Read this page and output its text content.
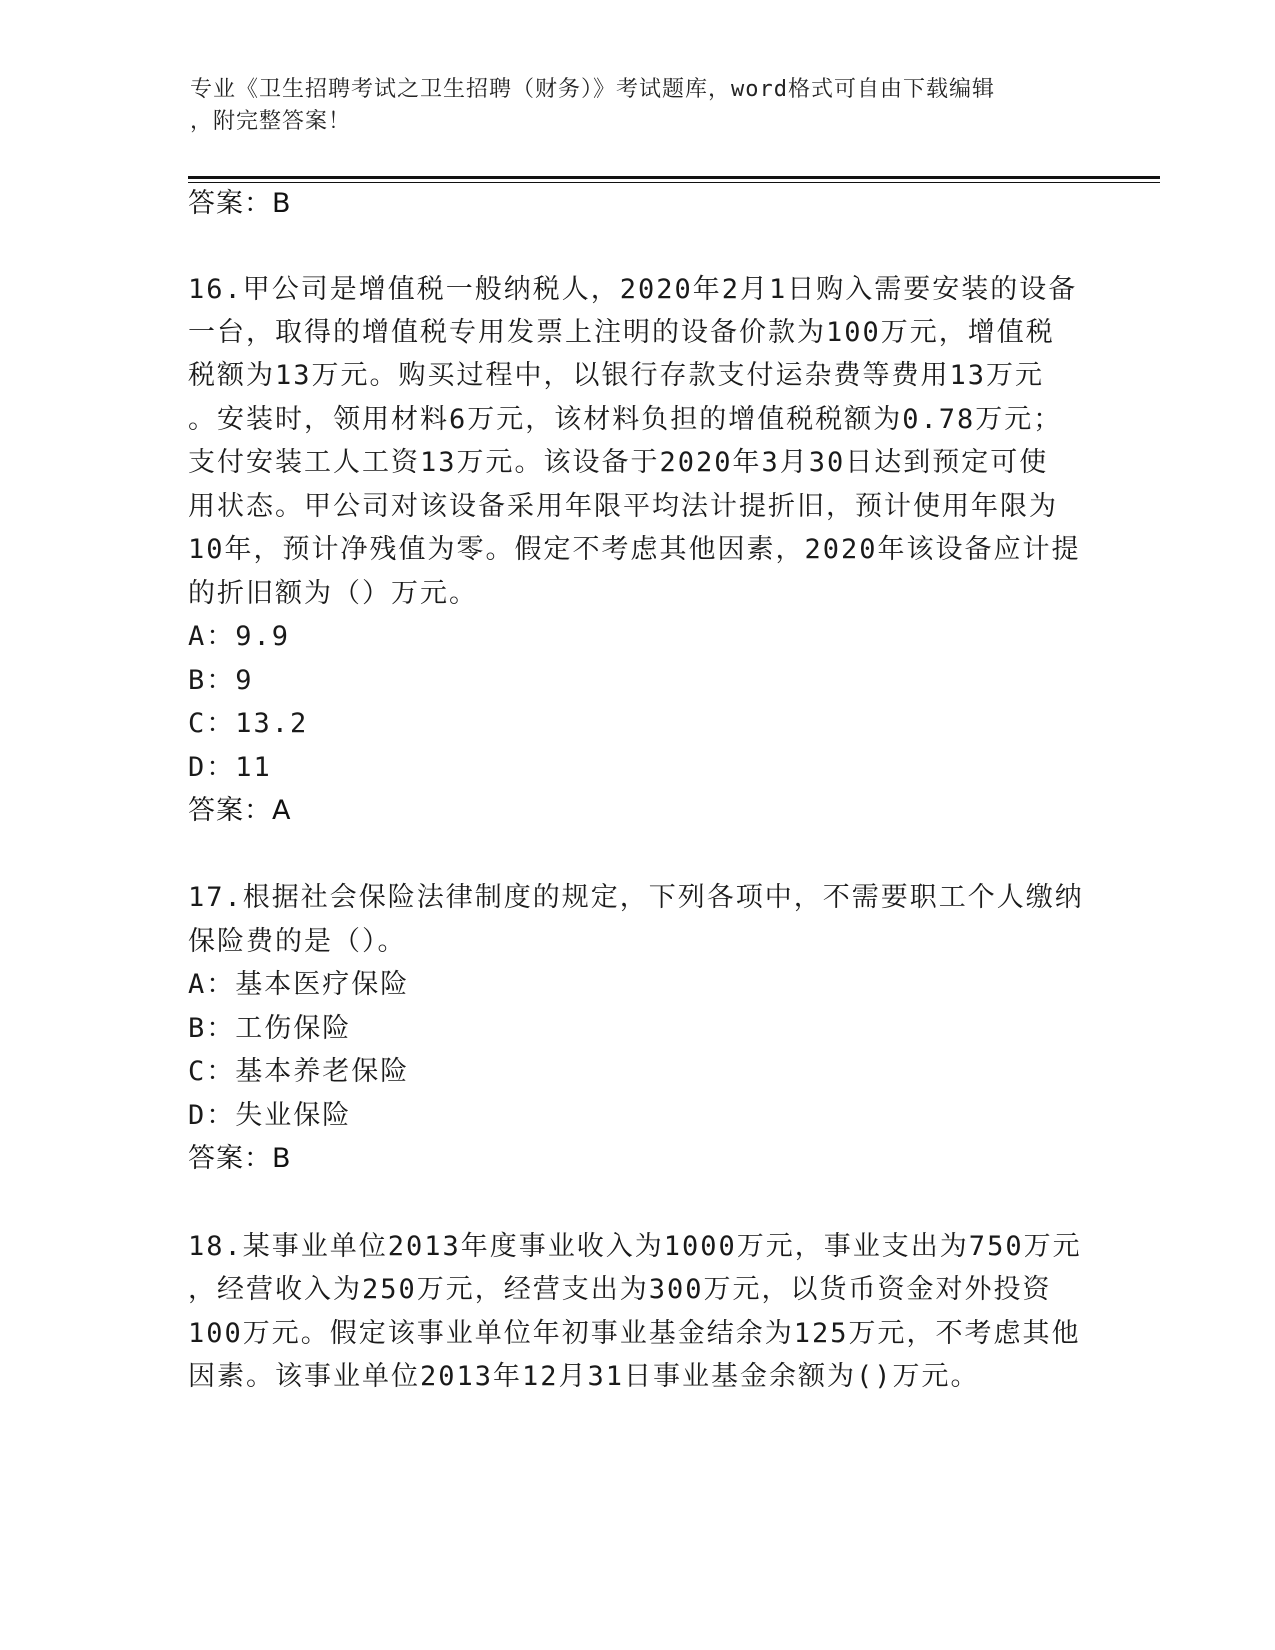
专业《卫生招聘考试之卫生招聘（财务）》考试题库，word格式可自由下载编辑
，附完整答案！
答案：B
16.甲公司是增值税一般纳税人，2020年2月1日购入需要安装的设备
一台，取得的增值税专用发票上注明的设备价款为100万元，增值税
税额为13万元。购买过程中，以银行存款支付运杂费等费用13万元
。安装时，领用材料6万元，该材料负担的增值税税额为0.78万元；
支付安装工人工资13万元。该设备于2020年3月30日达到预定可使
用状态。甲公司对该设备采用年限平均法计提折旧，预计使用年限为
10年，预计净残值为零。假定不考虑其他因素，2020年该设备应计提
的折旧额为（）万元。
A：9.9
B：9
C：13.2
D：11
答案：A
17.根据社会保险法律制度的规定，下列各项中，不需要职工个人缴纳
保险费的是（）。
A：基本医疗保险
B：工伤保险
C：基本养老保险
D：失业保险
答案：B
18.某事业单位2013年度事业收入为1000万元，事业支出为750万元
，经营收入为250万元，经营支出为300万元，以货币资金对外投资
100万元。假定该事业单位年初事业基金结余为125万元，不考虑其他
因素。该事业单位2013年12月31日事业基金余额为()万元。
